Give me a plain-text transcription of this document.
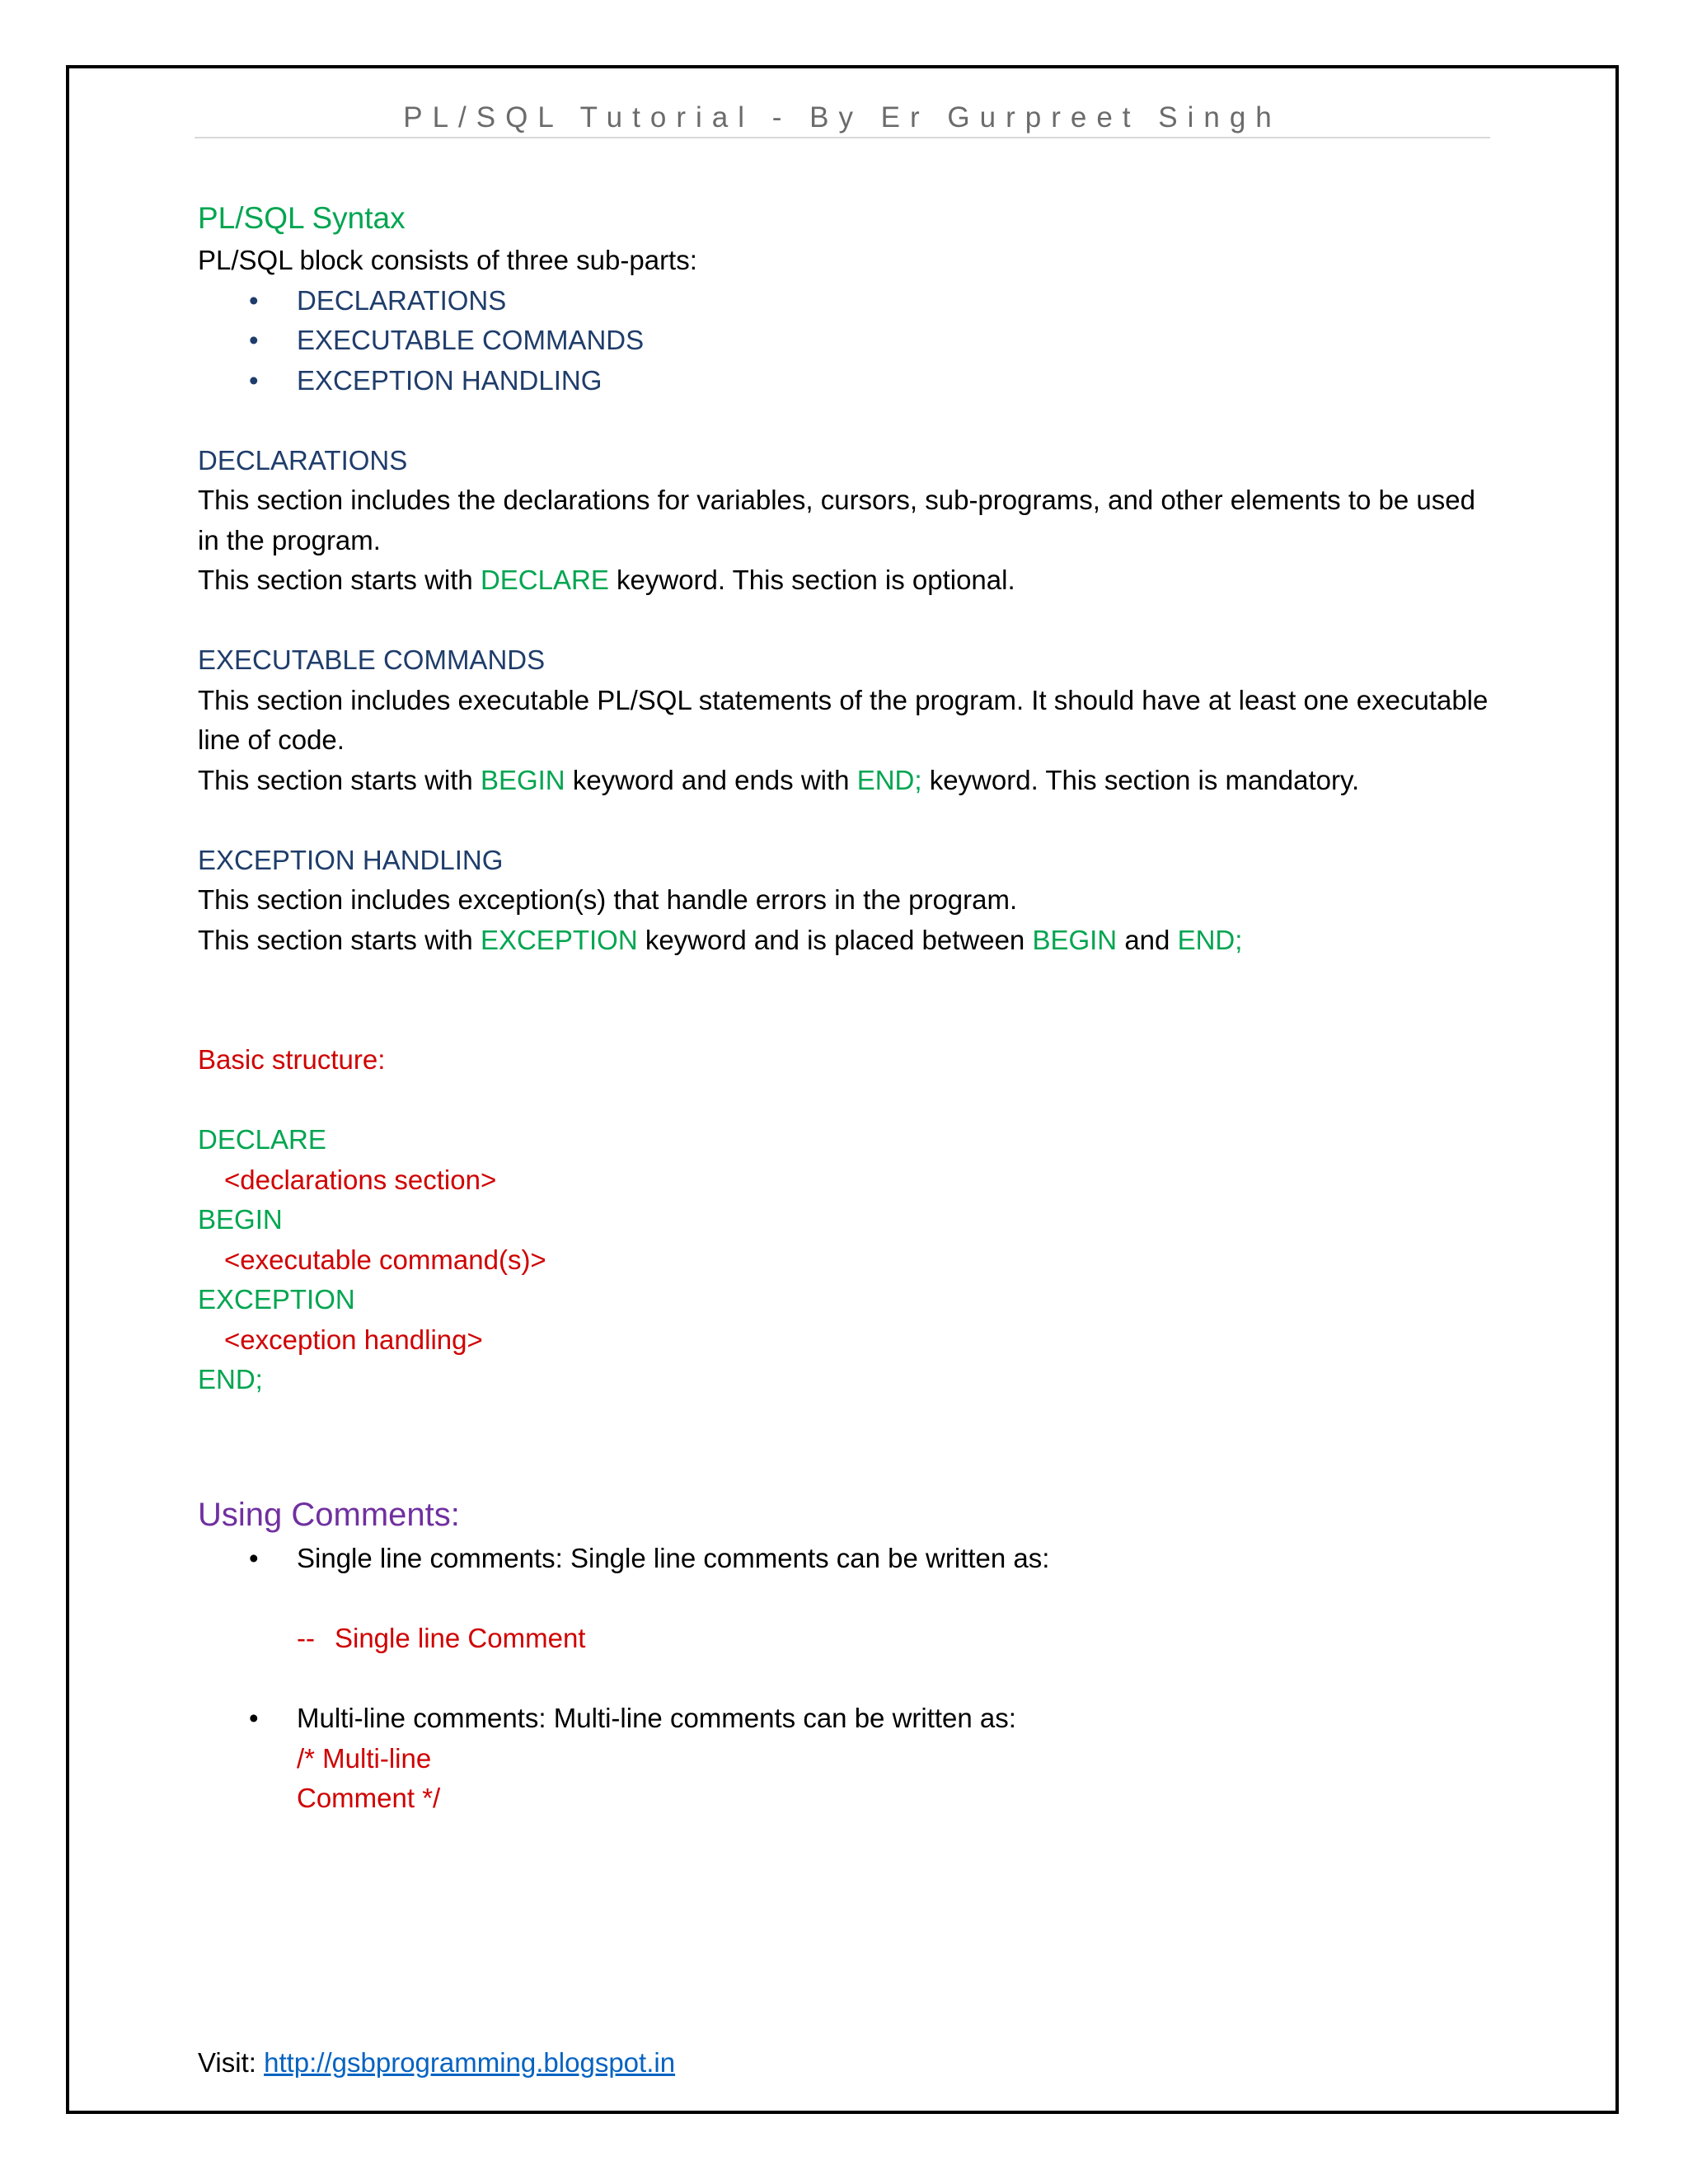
PL/SQL Tutorial - By Er Gurpreet Singh

PL/SQL Syntax

PL/SQL block consists of three sub-parts:

• DECLARATIONS
• EXECUTABLE COMMANDS
• EXCEPTION HANDLING

DECLARATIONS

This section includes the declarations for variables, cursors, sub-programs, and other elements to be used in the program.

This section starts with DECLARE keyword. This section is optional.

EXECUTABLE COMMANDS

This section includes executable PL/SQL statements of the program. It should have at least one executable line of code.

This section starts with BEGIN keyword and ends with END; keyword. This section is mandatory.

EXCEPTION HANDLING

This section includes exception(s) that handle errors in the program.

This section starts with EXCEPTION keyword and is placed between BEGIN and END;

Basic structure:

DECLARE

<declarations section>

BEGIN

<executable command(s)>

EXCEPTION

<exception handling>

END;

Using Comments:

• Single line comments: Single line comments can be written as:

-- Single line Comment

• Multi-line comments: Multi-line comments can be written as:

/* Multi-line

Comment */

Visit: http://gsbprogramming.blogspot.in
